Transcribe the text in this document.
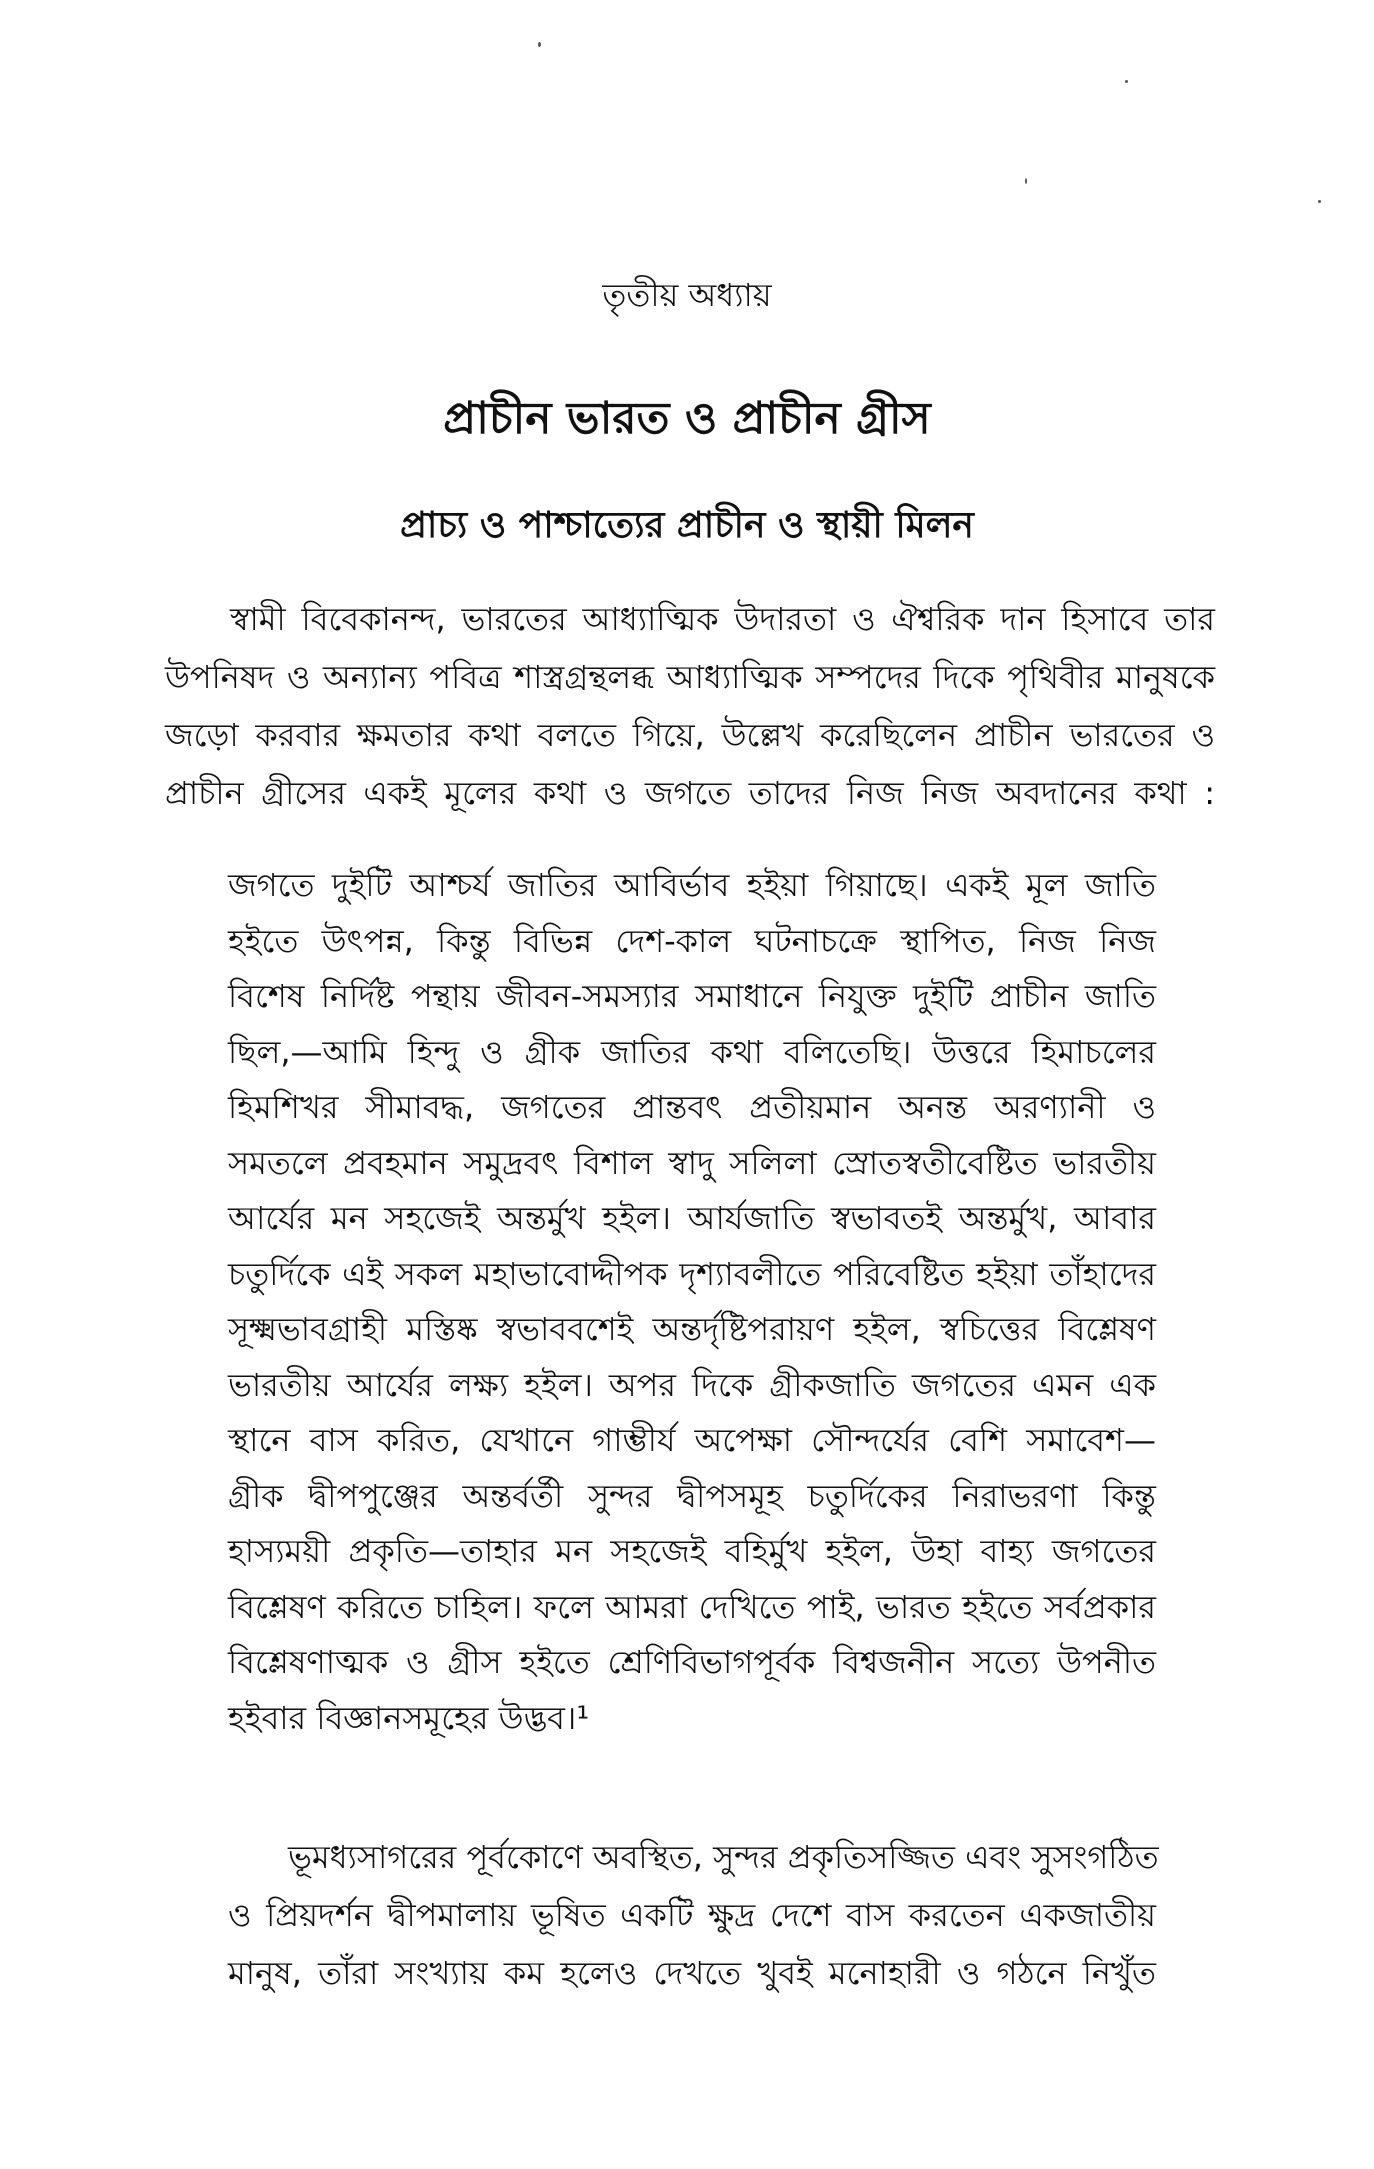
তৃতীয় অধ্যায়
প্রাচীন ভারত ও প্রাচীন গ্রীস
প্রাচ্য ও পাশ্চাত্যের প্রাচীন ও স্থায়ী মিলন
স্বামী বিবেকানন্দ, ভারতের আধ্যাত্মিক উদারতা ও ঐশ্বরিক দান হিসাবে তার
উপনিষদ ও অন্যান্য পবিত্র শাস্ত্রগ্রন্থলব্ধ আধ্যাত্মিক সম্পদের দিকে পৃথিবীর মানুষকে
জড়ো করবার ক্ষমতার কথা বলতে গিয়ে, উল্লেখ করেছিলেন প্রাচীন ভারতের ও
প্রাচীন গ্রীসের একই মূলের কথা ও জগতে তাদের নিজ নিজ অবদানের কথা :
জগতে দুইটি আশ্চর্য জাতির আবির্ভাব হইয়া গিয়াছে। একই মূল জাতি
হইতে উৎপন্ন, কিন্তু বিভিন্ন দেশ-কাল ঘটনাচক্রে স্থাপিত, নিজ নিজ
বিশেষ নির্দিষ্ট পন্থায় জীবন-সমস্যার সমাধানে নিযুক্ত দুইটি প্রাচীন জাতি
ছিল,—আমি হিন্দু ও গ্রীক জাতির কথা বলিতেছি। উত্তরে হিমাচলের
হিমশিখর সীমাবদ্ধ, জগতের প্রান্তবৎ প্রতীয়মান অনন্ত অরণ্যানী ও
সমতলে প্রবহমান সমুদ্রবৎ বিশাল স্বাদু সলিলা স্রোতস্বতীবেষ্টিত ভারতীয়
আর্যের মন সহজেই অন্তর্মুখ হইল। আর্যজাতি স্বভাবতই অন্তর্মুখ, আবার
চতুর্দিকে এই সকল মহাভাবোদ্দীপক দৃশ্যাবলীতে পরিবেষ্টিত হইয়া তাঁহাদের
সূক্ষ্মভাবগ্রাহী মস্তিষ্ক স্বভাববশেই অন্তর্দৃষ্টিপরায়ণ হইল, স্বচিত্তের বিশ্লেষণ
ভারতীয় আর্যের লক্ষ্য হইল। অপর দিকে গ্রীকজাতি জগতের এমন এক
স্থানে বাস করিত, যেখানে গাম্ভীর্য অপেক্ষা সৌন্দর্যের বেশি সমাবেশ—
গ্রীক দ্বীপপুঞ্জের অন্তর্বর্তী সুন্দর দ্বীপসমূহ চতুর্দিকের নিরাভরণা কিন্তু
হাস্যময়ী প্রকৃতি—তাহার মন সহজেই বহির্মুখ হইল, উহা বাহ্য জগতের
বিশ্লেষণ করিতে চাহিল। ফলে আমরা দেখিতে পাই, ভারত হইতে সর্বপ্রকার
বিশ্লেষণাত্মক ও গ্রীস হইতে শ্রেণিবিভাগপূর্বক বিশ্বজনীন সত্যে উপনীত
হইবার বিজ্ঞানসমূহের উদ্ভব।¹
ভূমধ্যসাগরের পূর্বকোণে অবস্থিত, সুন্দর প্রকৃতিসজ্জিত এবং সুসংগঠিত
ও প্রিয়দর্শন দ্বীপমালায় ভূষিত একটি ক্ষুদ্র দেশে বাস করতেন একজাতীয়
মানুষ, তাঁরা সংখ্যায় কম হলেও দেখতে খুবই মনোহারী ও গঠনে নিখুঁত
